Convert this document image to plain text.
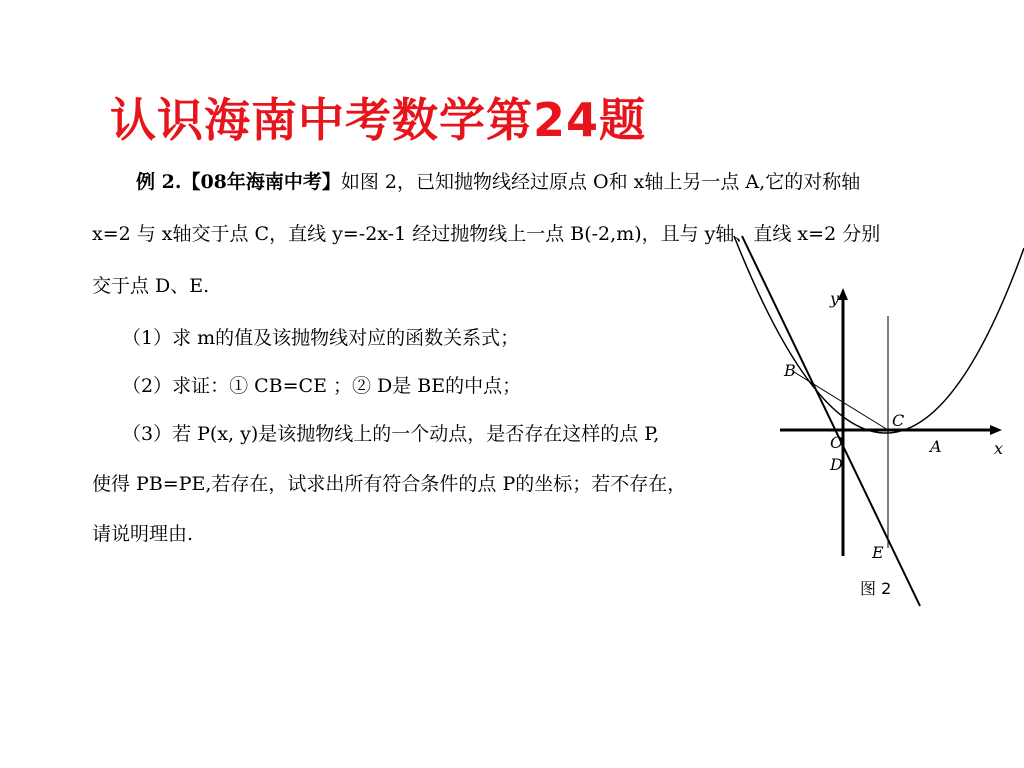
认识海南中考数学第24题
例 2.【08年海南中考】如图 2，已知抛物线经过原点 O和 x轴上另一点 A,它的对称轴
x=2 与 x轴交于点 C，直线 y=-2x-1 经过抛物线上一点 B(-2,m)，且与 y轴、直线 x=2 分别
交于点 D、E.
（1）求 m的值及该抛物线对应的函数关系式；
（2）求证：① CB=CE ；② D是 BE的中点；
（3）若 P(x, y)是该抛物线上的一个动点，是否存在这样的点 P,
使得 PB=PE,若存在，试求出所有符合条件的点 P的坐标；若不存在，
请说明理由.
y
x
B
C
O	A
D
E
图 2
